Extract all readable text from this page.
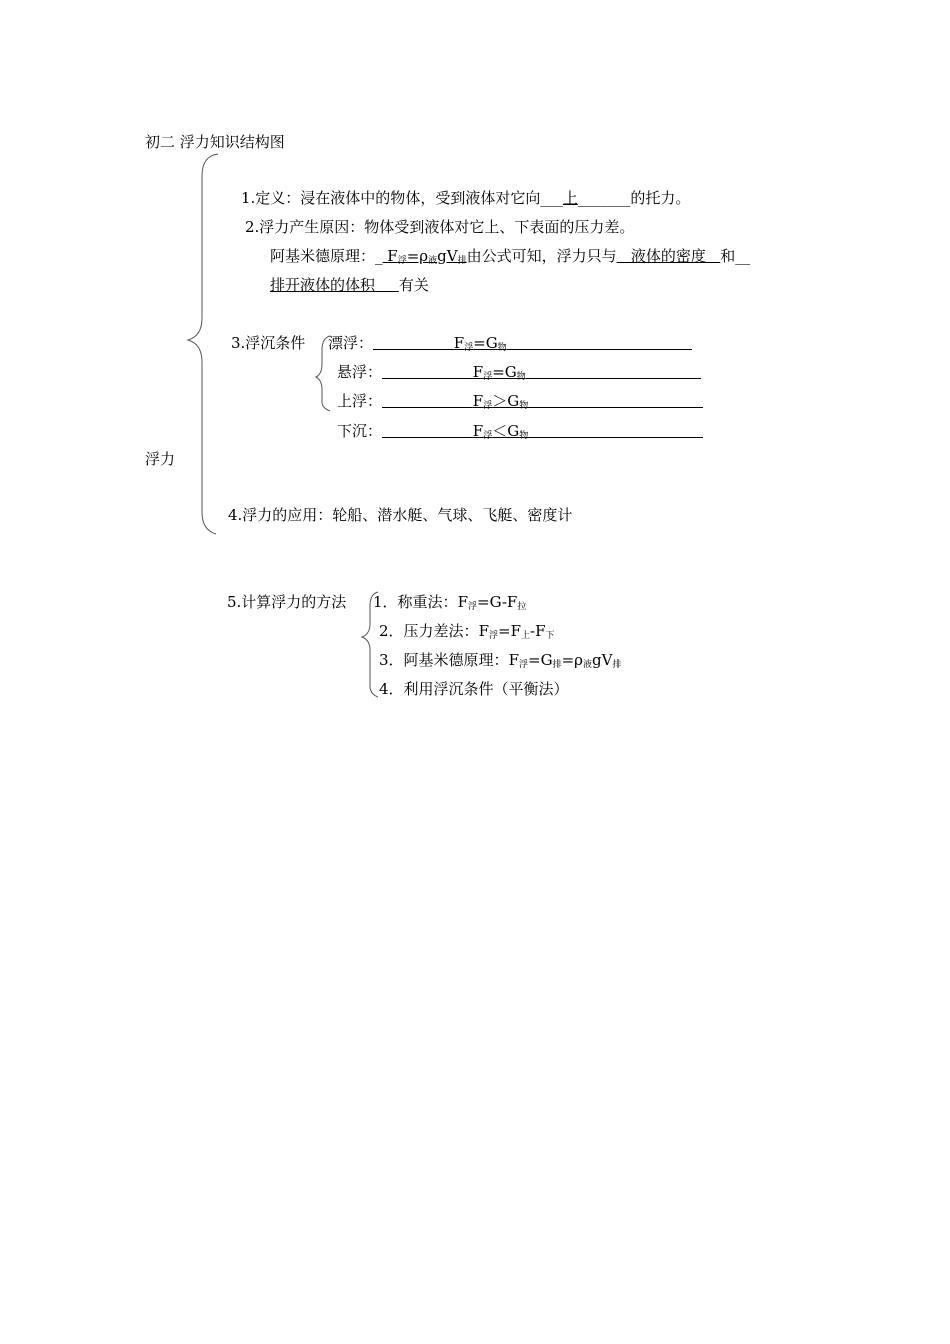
初二 浮力知识结构图
浮力
1.定义：浸在液体中的物体，受到液体对它向___上_______的托力。
2.浮力产生原因：物体受到液体对它上、下表面的压力差。
阿基米德原理：_ $F_浮=\rho_液gV_排$由公式可知，浮力只与   液体的密度   和__
排开液体的体积 有关
3.浮沉条件 漂浮：	$F_浮=G_物$
悬浮：	$F_浮=G_物$
上浮：	$F_浮>G_物$
下沉：	$F_浮<G_物$
4.浮力的应用：轮船、潜水艇、气球、飞艇、密度计
5.计算浮力的方法 1．称重法：$F_浮=G-F_拉$
2．压力差法：$F_浮=F_上-F_下$
3．阿基米德原理：$F_浮=G_排=\rho_液gV_排$
4．利用浮沉条件（平衡法）
